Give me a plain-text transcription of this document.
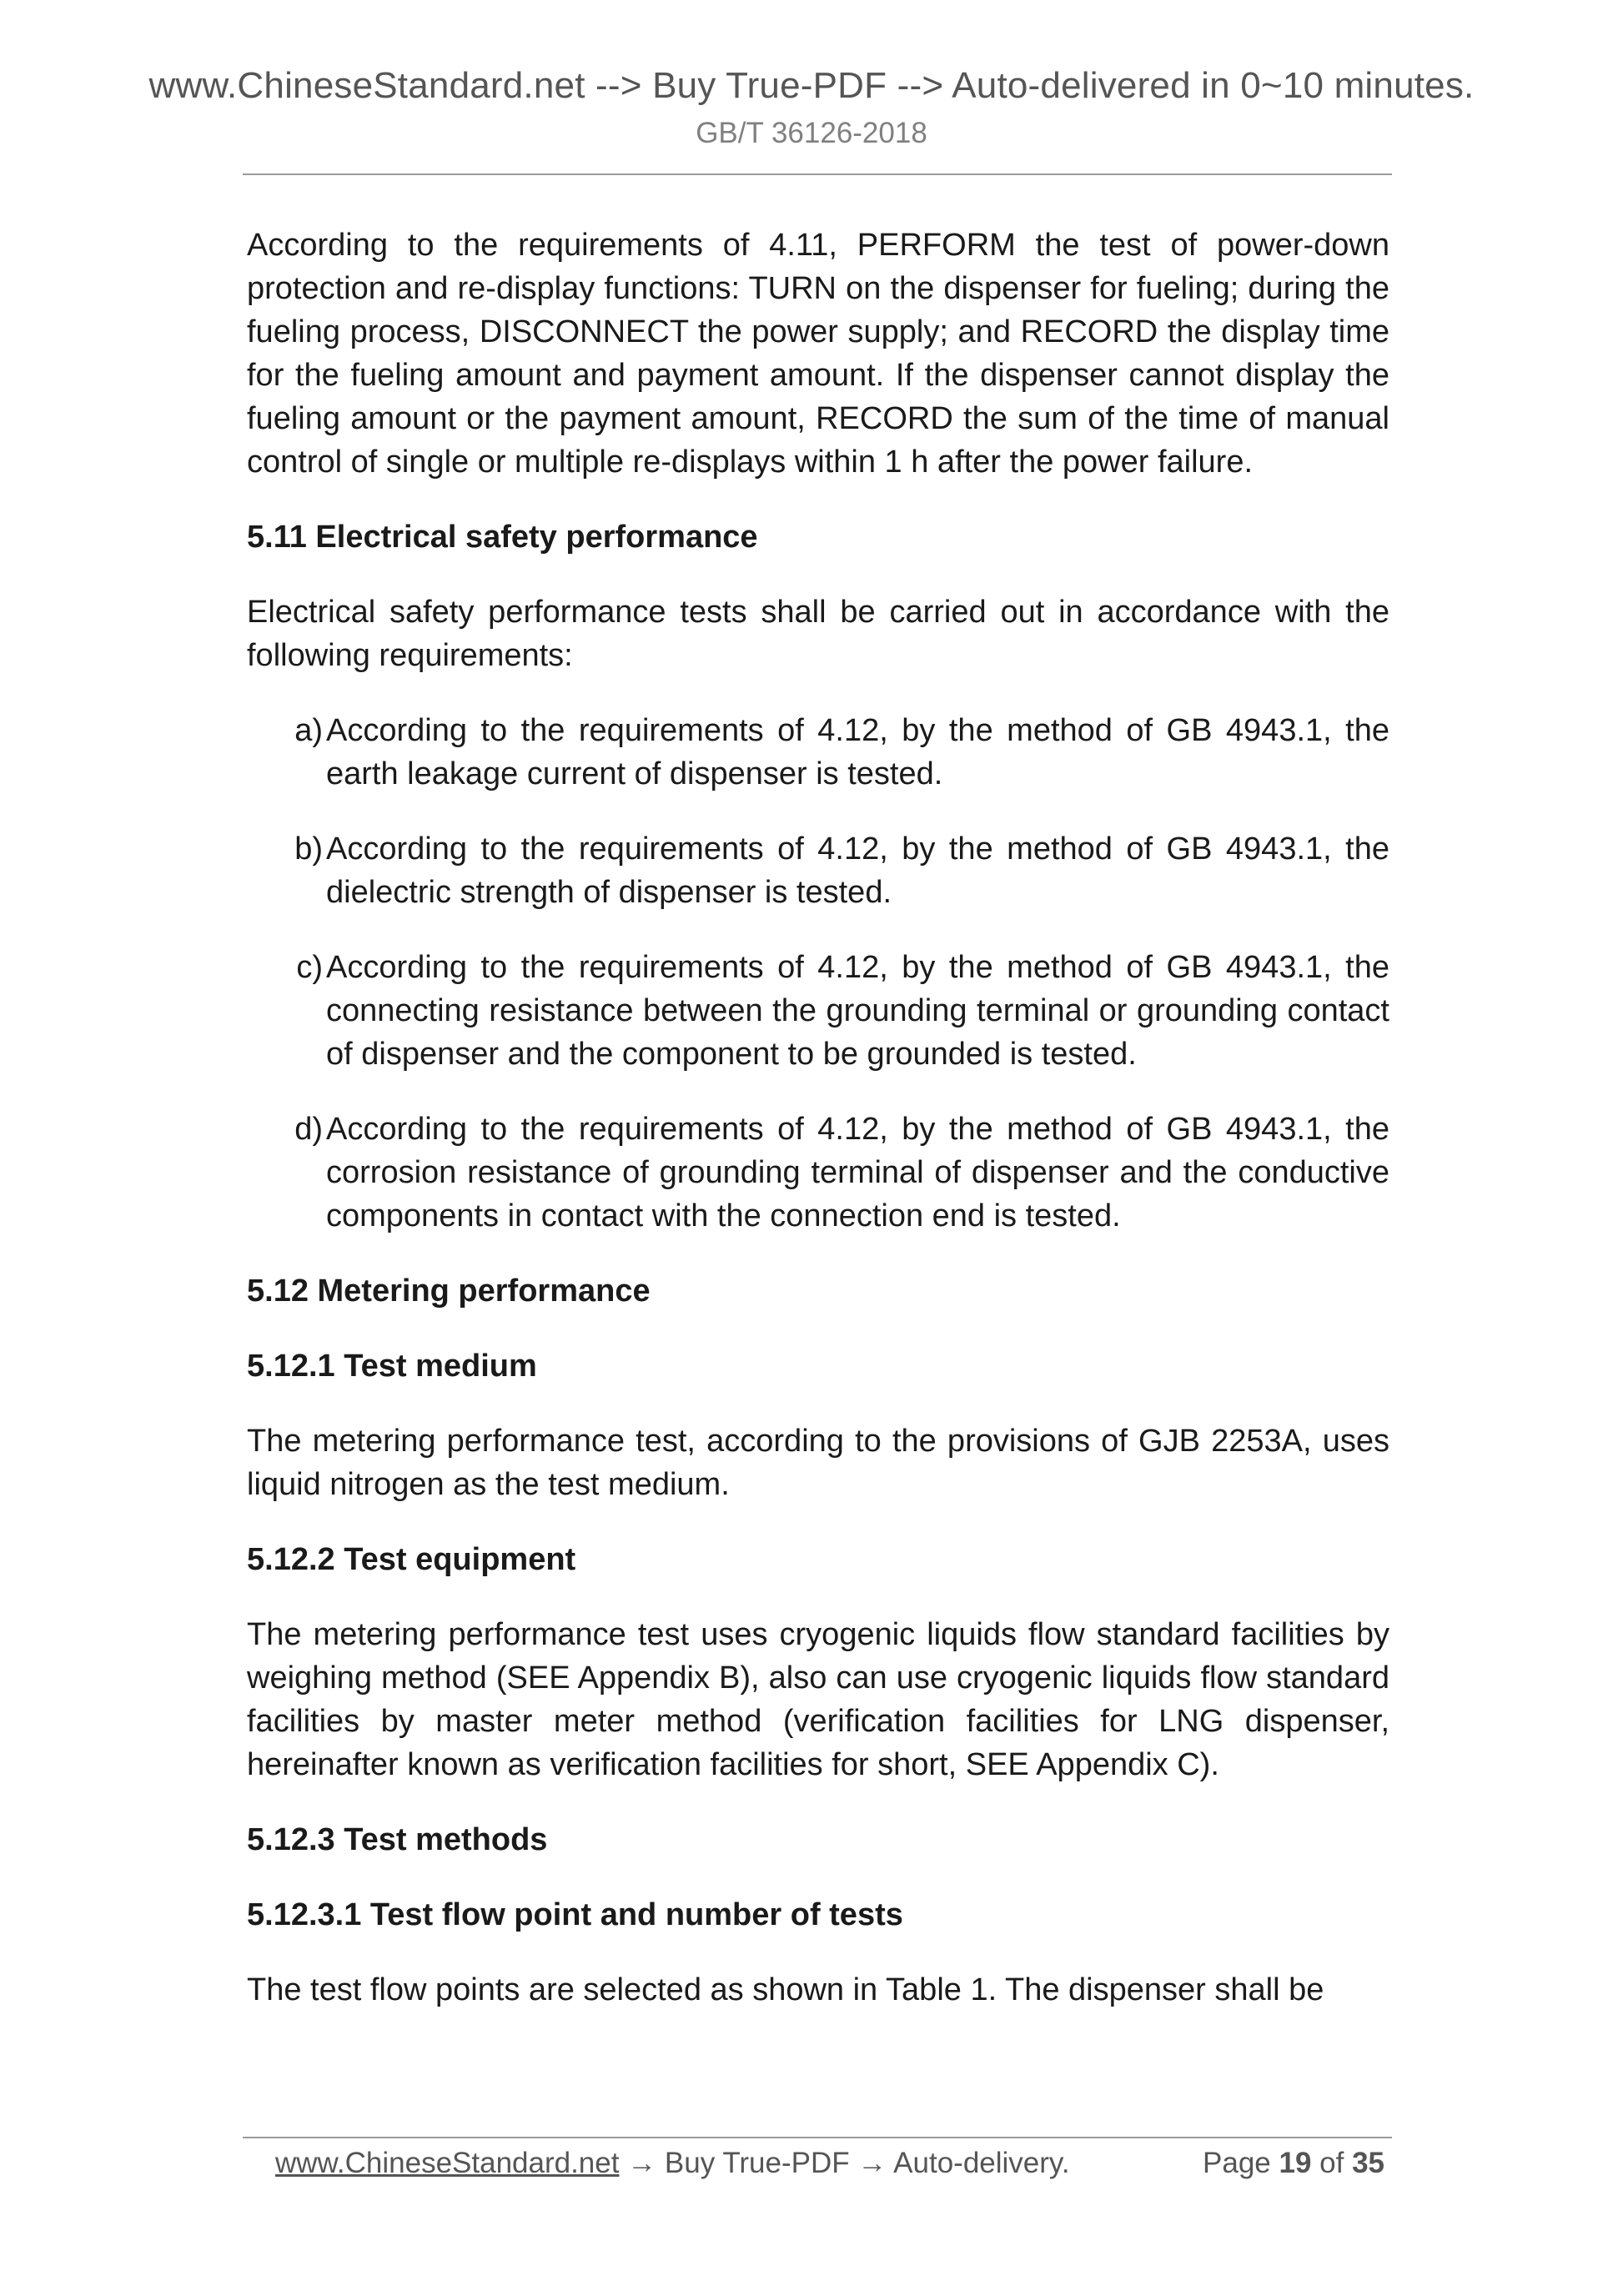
www.ChineseStandard.net --> Buy True-PDF --> Auto-delivered in 0~10 minutes.
GB/T 36126-2018

According to the requirements of 4.11, PERFORM the test of power-down protection and re-display functions: TURN on the dispenser for fueling; during the fueling process, DISCONNECT the power supply; and RECORD the display time for the fueling amount and payment amount. If the dispenser cannot display the fueling amount or the payment amount, RECORD the sum of the time of manual control of single or multiple re-displays within 1 h after the power failure.

5.11 Electrical safety performance

Electrical safety performance tests shall be carried out in accordance with the following requirements:

a) According to the requirements of 4.12, by the method of GB 4943.1, the earth leakage current of dispenser is tested.
b) According to the requirements of 4.12, by the method of GB 4943.1, the dielectric strength of dispenser is tested.
c) According to the requirements of 4.12, by the method of GB 4943.1, the connecting resistance between the grounding terminal or grounding contact of dispenser and the component to be grounded is tested.
d) According to the requirements of 4.12, by the method of GB 4943.1, the corrosion resistance of grounding terminal of dispenser and the conductive components in contact with the connection end is tested.
5.12 Metering performance
5.12.1 Test medium

The metering performance test, according to the provisions of GJB 2253A, uses liquid nitrogen as the test medium.

5.12.2 Test equipment

The metering performance test uses cryogenic liquids flow standard facilities by weighing method (SEE Appendix B), also can use cryogenic liquids flow standard facilities by master meter method (verification facilities for LNG dispenser, hereinafter known as verification facilities for short, SEE Appendix C).

5.12.3 Test methods
5.12.3.1 Test flow point and number of tests

The test flow points are selected as shown in Table 1. The dispenser shall be

www.ChineseStandard.net → Buy True-PDF → Auto-delivery.	Page 19 of 35
